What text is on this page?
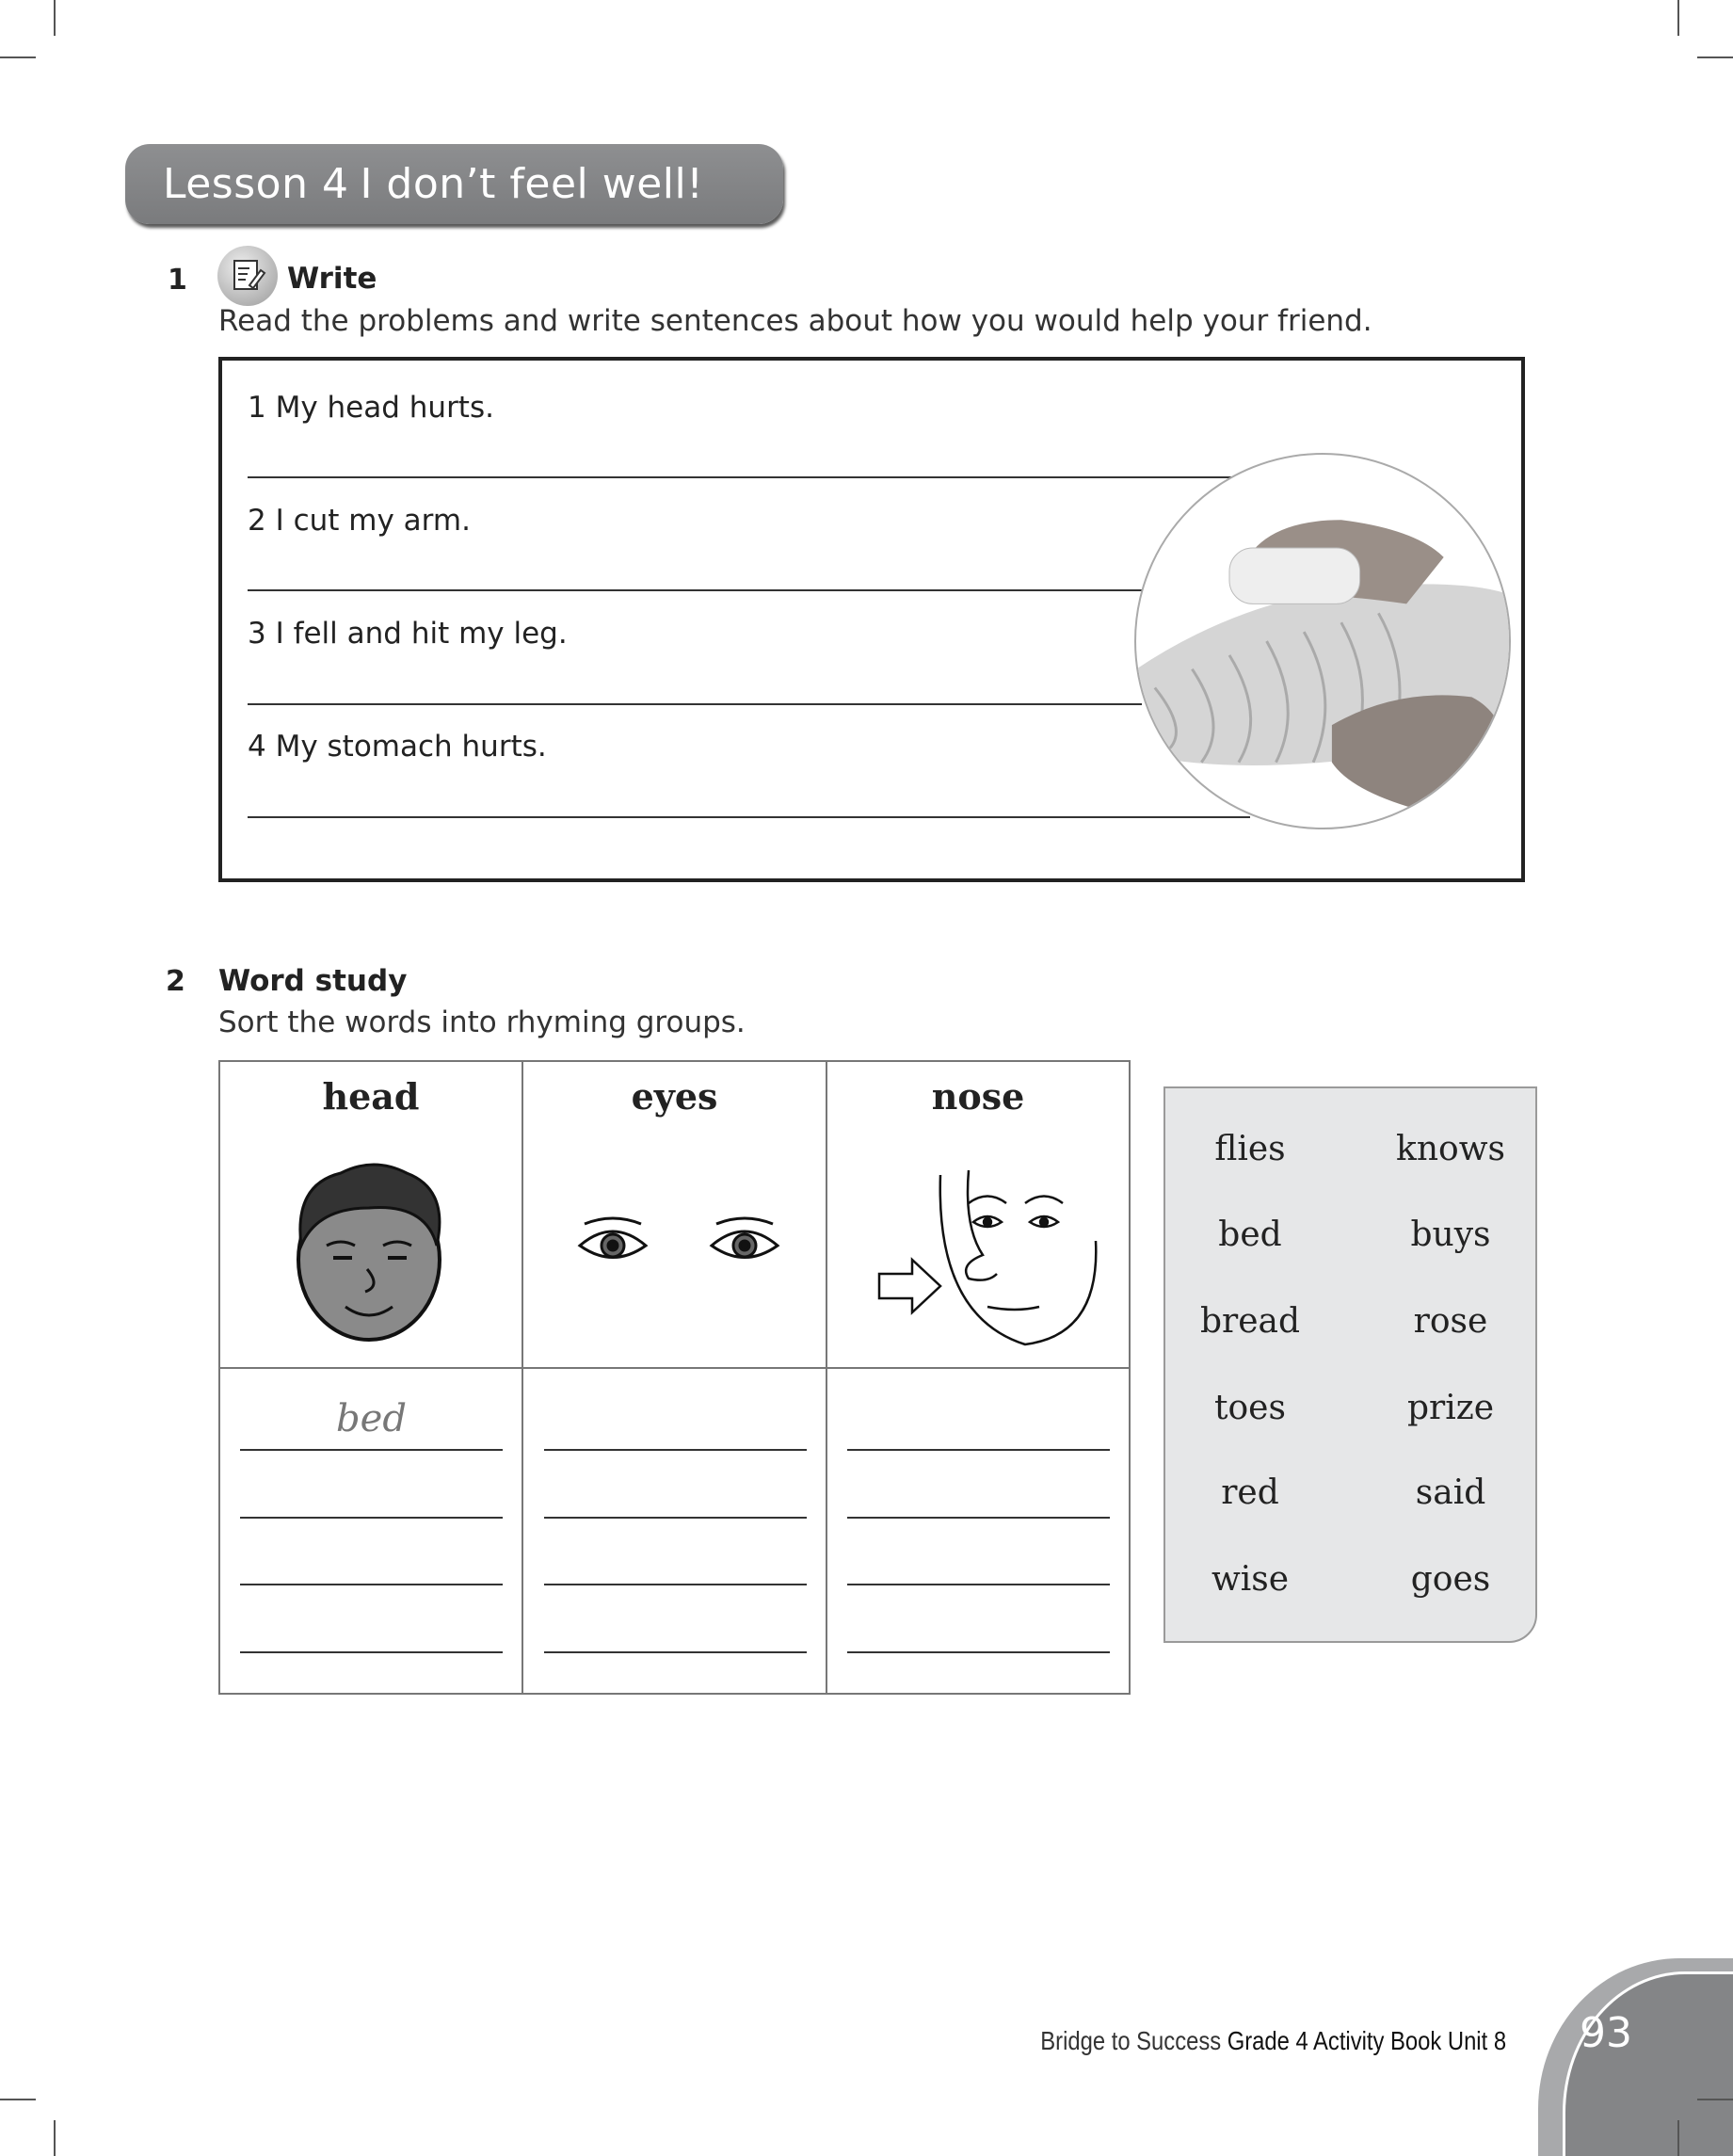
Lesson 4 I don’t feel well!
1	Write
Read the problems and write sentences about how you would help your friend.
1 My head hurts.
2 I cut my arm.
3 I fell and hit my leg.
4 My stomach hurts.
2 Word study
Sort the words into rhyming groups.
head	eyes	nose

bed
flies	knows
bed	buys
bread	rose
toes	prize
red	said
wise	goes
Bridge to Success Grade 4 Activity Book Unit 8 93
